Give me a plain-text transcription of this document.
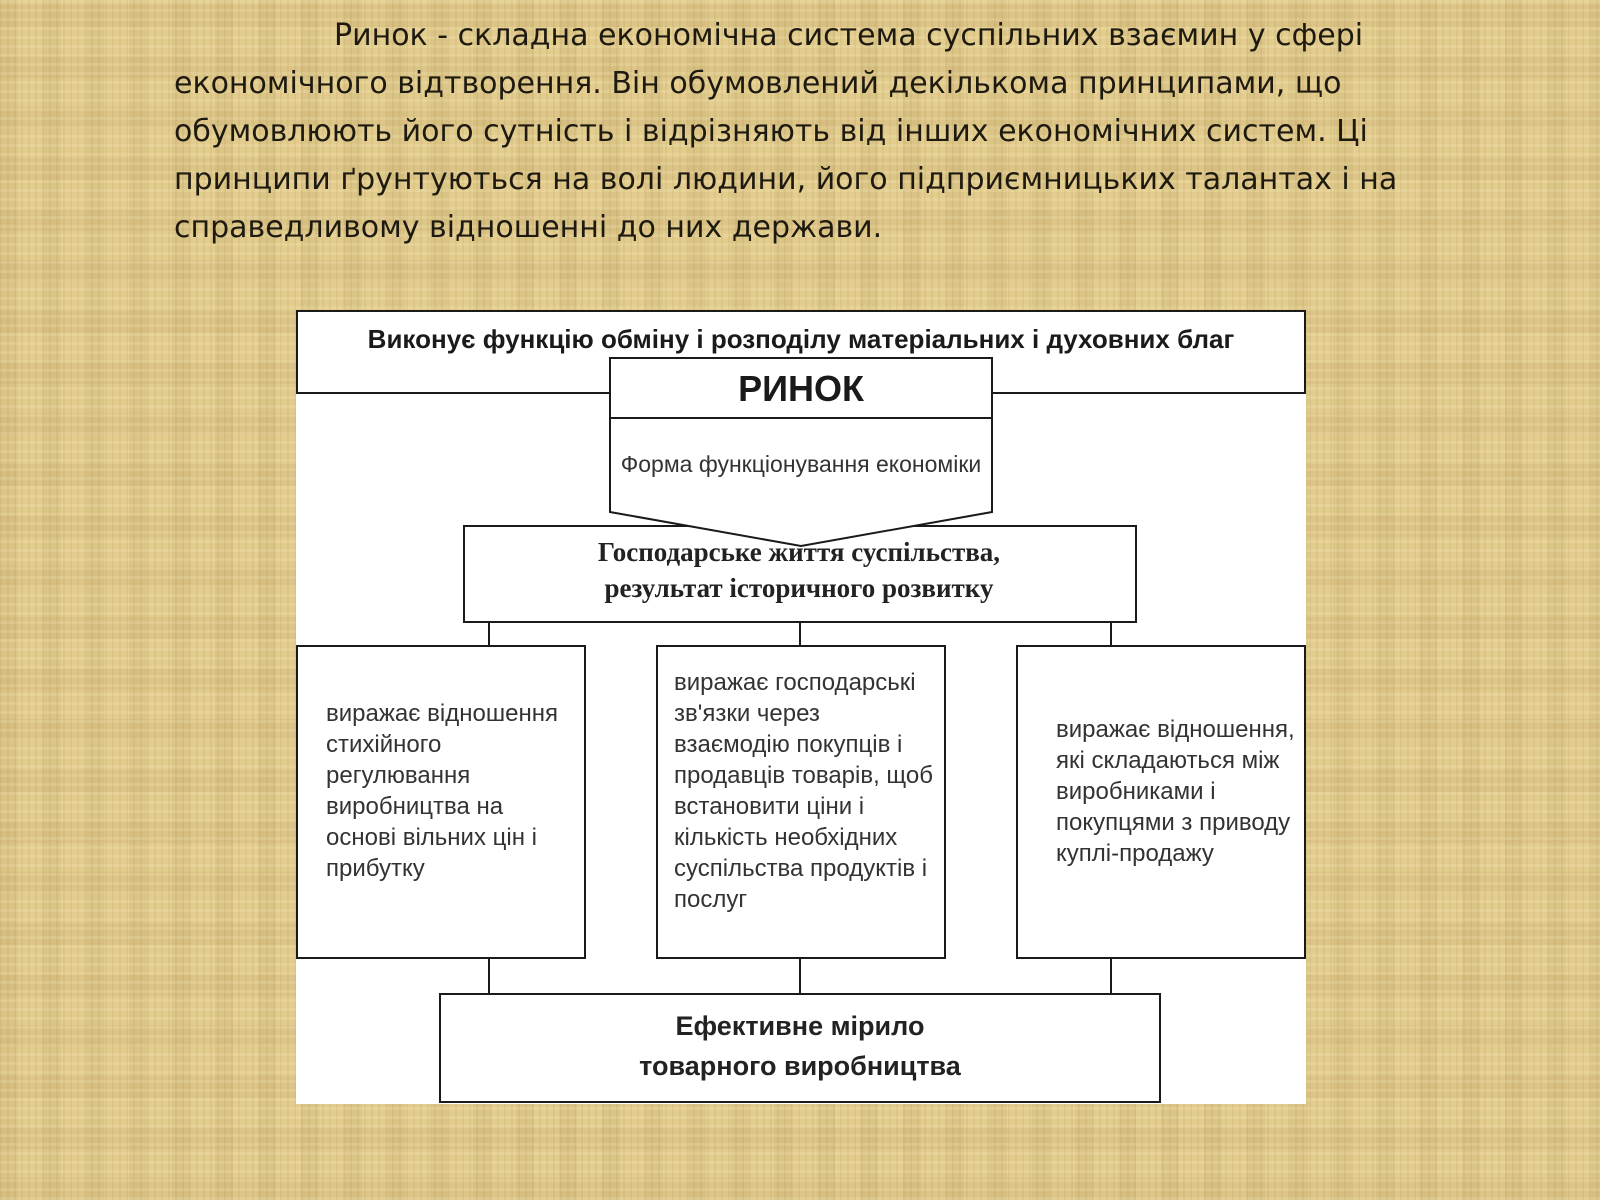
Ринок - складна економічна система суспільних взаємин у сфері економічного відтворення. Він обумовлений декількома принципами, що обумовлюють його сутність і відрізняють від інших економічних систем. Ці принципи ґрунтуються на волі людини, його підприємницьких талантах і на справедливому відношенні до них держави.

Виконує функцію обміну і розподілу матеріальних і духовних благ
РИНОК
Форма функціонування економіки
Господарське життя суспільства,
результат історичного розвитку
виражає відношення стихійного регулювання виробництва на основі вільних цін і прибутку
виражає господарські зв'язки через взаємодію покупців і продавців товарів, щоб встановити ціни і кількість необхідних суспільства продуктів і послуг
виражає відношення, які складаються між виробниками і покупцями з приводу куплі-продажу
Ефективне мірило
товарного виробництва
